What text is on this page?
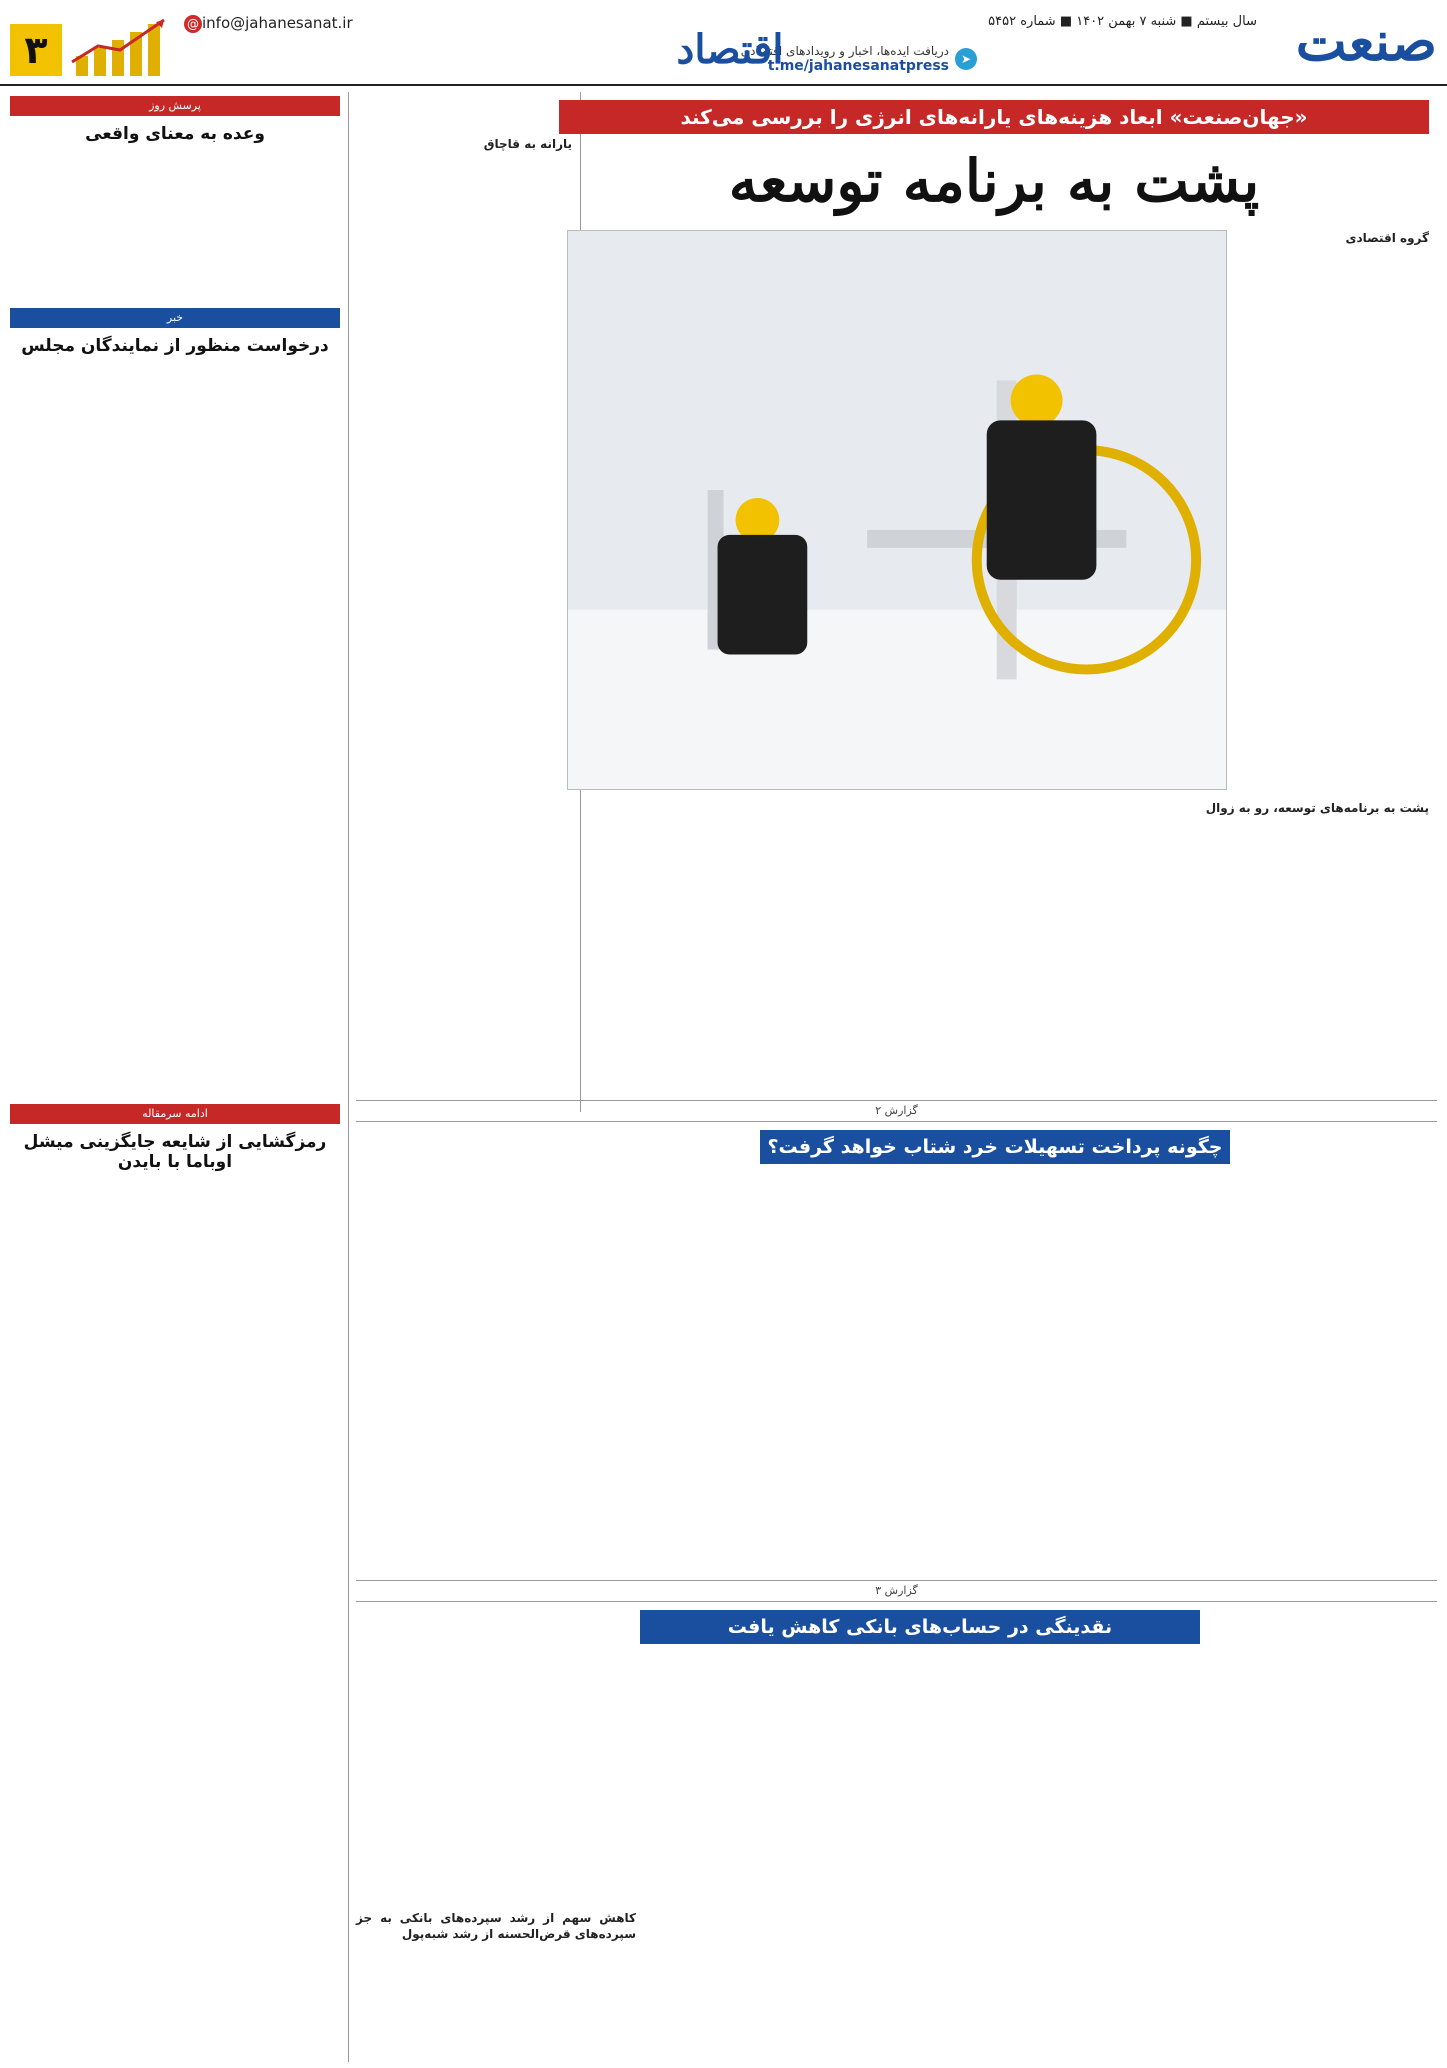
صنعت
سال بیستم ■ شنبه ۷ بهمن ۱۴۰۲ ■ شماره ۵۴۵۲
➤
دریافت ایده‌ها، اخبار و رویدادهای اقتصادی
t.me/jahanesanatpress
اقتصاد
@ info@jahanesanat.ir
۳
«جهان‌صنعت» ابعاد هزینه‌های یارانه‌های انرژی را بررسی می‌کند
پشت به برنامه توسعه
گروه اقتصادی
پشت به برنامه‌های توسعه، رو به زوال
یارانه به قاچاق
پرسش روز
وعده به معنای واقعی
خبر
درخواست منظور از نمایندگان مجلس
ادامه سرمقاله
رمزگشایی از شایعه جایگزینی میشل اوباما با بایدن
گزارش ۲
چگونه پرداخت تسهیلات خرد شتاب خواهد گرفت؟
گزارش ۳
نقدینگی در حساب‌های بانکی کاهش یافت
کاهش سهم از رشد سپرده‌های بانکی به جز سپرده‌های قرض‌الحسنه از رشد شبه‌پول
